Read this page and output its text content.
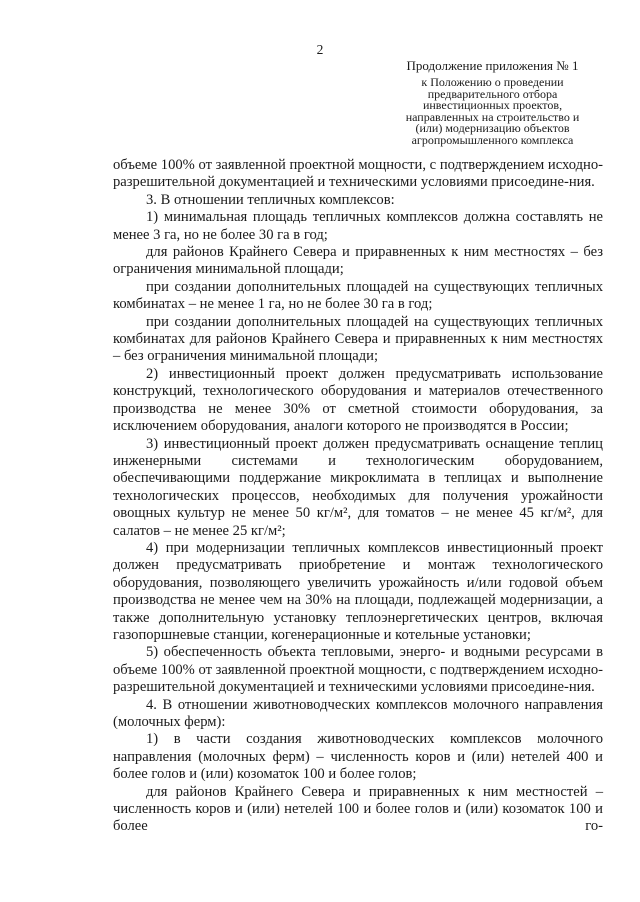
2
Продолжение приложения № 1
к Положению о проведении
предварительного отбора
инвестиционных проектов,
направленных на строительство и
(или) модернизацию объектов
агропромышленного комплекса

объеме 100% от заявленной проектной мощности, с подтверждением исходно-разрешительной документацией и техническими условиями присоедине-ния.

3. В отношении тепличных комплексов:

1) минимальная площадь тепличных комплексов должна составлять не менее 3 га, но не более 30 га в год;

для районов Крайнего Севера и приравненных к ним местностях – без ограничения минимальной площади;

при создании дополнительных площадей на существующих тепличных комбинатах – не менее 1 га, но не более 30 га в год;

при создании дополнительных площадей на существующих тепличных комбинатах для районов Крайнего Севера и приравненных к ним местностях – без ограничения минимальной площади;

2) инвестиционный проект должен предусматривать использование конструкций, технологического оборудования и материалов отечественного производства не менее 30% от сметной стоимости оборудования, за исключением оборудования, аналоги которого не производятся в России;

3) инвестиционный проект должен предусматривать оснащение теплиц инженерными системами и технологическим оборудованием, обеспечивающими поддержание микроклимата в теплицах и выполнение технологических процессов, необходимых для получения урожайности овощных культур не менее 50 кг/м², для томатов – не менее 45 кг/м², для салатов – не менее 25 кг/м²;

4) при модернизации тепличных комплексов инвестиционный проект должен предусматривать приобретение и монтаж технологического оборудования, позволяющего увеличить урожайность и/или годовой объем производства не менее чем на 30% на площади, подлежащей модернизации, а также дополнительную установку теплоэнергетических центров, включая газопоршневые станции, когенерационные и котельные установки;

5) обеспеченность объекта тепловыми, энерго- и водными ресурсами в объеме 100% от заявленной проектной мощности, с подтверждением исходно-разрешительной документацией и техническими условиями присоедине-ния.

4. В отношении животноводческих комплексов молочного направления (молочных ферм):

1) в части создания животноводческих комплексов молочного направления (молочных ферм) – численность коров и (или) нетелей 400 и более голов и (или) козоматок 100 и более голов;

для районов Крайнего Севера и приравненных к ним местностей – численность коров и (или) нетелей 100 и более голов и (или) козоматок 100 и более го-
